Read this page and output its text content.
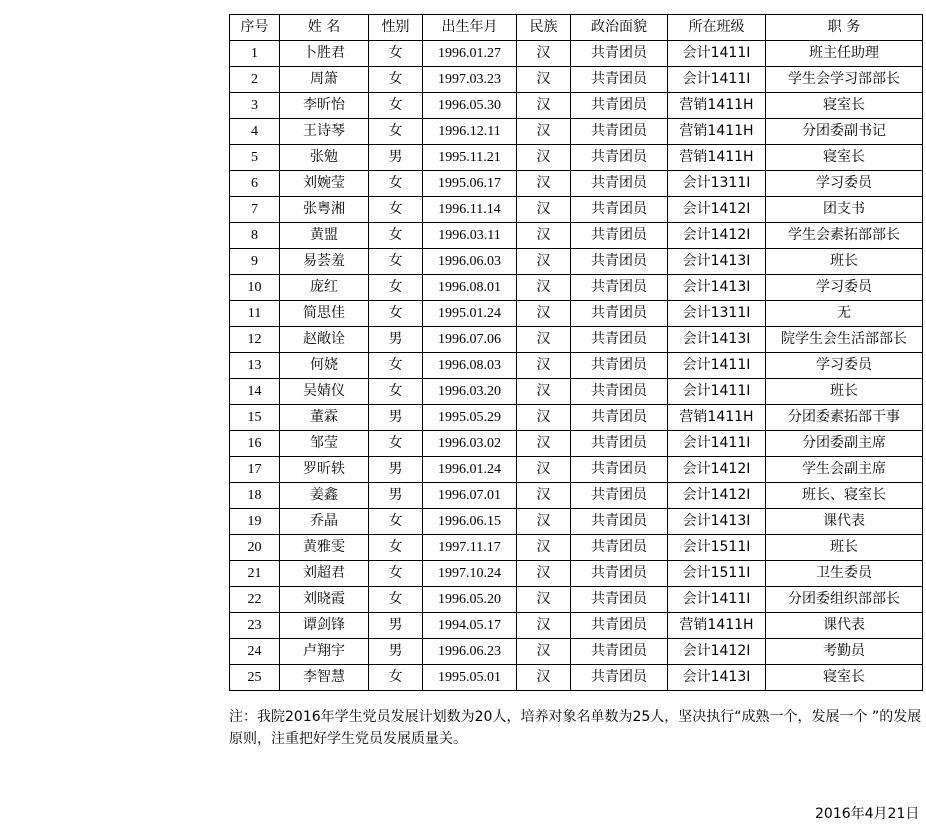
序号	姓 名	性别	出生年月	民族	政治面貌	所在班级	职 务
1	卜胜君	女	1996.01.27	汉	共青团员	会计1411I	班主任助理
2	周箫	女	1997.03.23	汉	共青团员	会计1411I	学生会学习部部长
3	李昕怡	女	1996.05.30	汉	共青团员	营销1411H	寝室长
4	王诗琴	女	1996.12.11	汉	共青团员	营销1411H	分团委副书记
5	张勉	男	1995.11.21	汉	共青团员	营销1411H	寝室长
6	刘婉莹	女	1995.06.17	汉	共青团员	会计1311I	学习委员
7	张粤湘	女	1996.11.14	汉	共青团员	会计1412I	团支书
8	黄盟	女	1996.03.11	汉	共青团员	会计1412I	学生会素拓部部长
9	易荟羞	女	1996.06.03	汉	共青团员	会计1413I	班长
10	庞红	女	1996.08.01	汉	共青团员	会计1413I	学习委员
11	简思佳	女	1995.01.24	汉	共青团员	会计1311I	无
12	赵敞诠	男	1996.07.06	汉	共青团员	会计1413I	院学生会生活部部长
13	何娆	女	1996.08.03	汉	共青团员	会计1411I	学习委员
14	吴婧仪	女	1996.03.20	汉	共青团员	会计1411I	班长
15	董霖	男	1995.05.29	汉	共青团员	营销1411H	分团委素拓部干事
16	邹莹	女	1996.03.02	汉	共青团员	会计1411I	分团委副主席
17	罗昕轶	男	1996.01.24	汉	共青团员	会计1412I	学生会副主席
18	姜鑫	男	1996.07.01	汉	共青团员	会计1412I	班长、寝室长
19	乔晶	女	1996.06.15	汉	共青团员	会计1413I	课代表
20	黄雅雯	女	1997.11.17	汉	共青团员	会计1511I	班长
21	刘超君	女	1997.10.24	汉	共青团员	会计1511I	卫生委员
22	刘晓霞	女	1996.05.20	汉	共青团员	会计1411I	分团委组织部部长
23	谭剑锋	男	1994.05.17	汉	共青团员	营销1411H	课代表
24	卢翔宇	男	1996.06.23	汉	共青团员	会计1412I	考勤员
25	李智慧	女	1995.05.01	汉	共青团员	会计1413I	寝室长
注：我院2016年学生党员发展计划数为20人，培养对象名单数为25人，坚决执行“成熟一个，发展一个 ”的发展原则，注重把好学生党员发展质量关。
2016年4月21日
